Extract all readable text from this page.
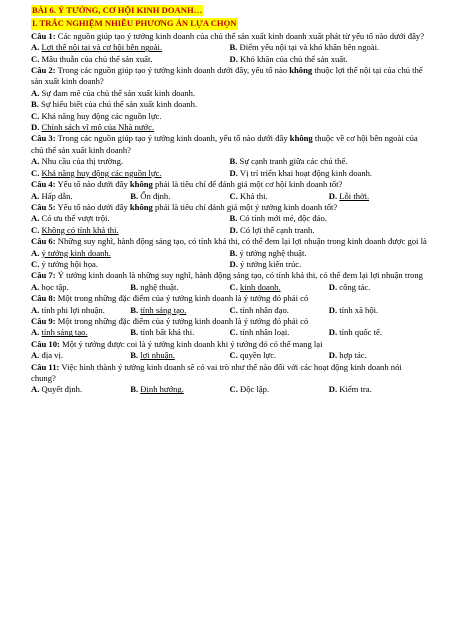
BÀI 6. Ý TƯỞNG, CƠ HỘI KINH DOANH…
I. TRẮC NGHIỆM NHIỀU PHƯƠNG ÁN LỰA CHỌN

Câu 1: Các nguồn giúp tạo ý tưởng kinh doanh của chủ thể sản xuất kinh doanh xuất phát từ yếu tố nào dưới đây?

A. Lợi thế nội tại và cơ hội bên ngoài.	B. Điểm yếu nội tại và khó khăn bên ngoài.
C. Mâu thuẫn của chủ thể sản xuất.	D. Khó khăn của chủ thể sản xuất.

Câu 2: Trong các nguồn giúp tạo ý tưởng kinh doanh dưới đây, yếu tố nào không thuộc lợi thế nội tại của chủ thể sản xuất kinh doanh?

A. Sự đam mê của chủ thể sản xuất kinh doanh.
B. Sự hiểu biết của chủ thể sản xuất kinh doanh.
C. Khả năng huy động các nguồn lực.
D. Chính sách vĩ mô của Nhà nước.

Câu 3: Trong các nguồn giúp tạo ý tưởng kinh doanh, yếu tố nào dưới đây không thuộc về cơ hội bên ngoài của chủ thể sản xuất kinh doanh?

A. Nhu cầu của thị trường.	B. Sự cạnh tranh giữa các chủ thể.
C. Khả năng huy động các nguồn lực.	D. Vị trí triển khai hoạt động kinh doanh.

Câu 4: Yếu tố nào dưới đây không phải là tiêu chí để đánh giá một cơ hội kinh doanh tốt?

A. Hấp dẫn.	B. Ổn định.	C. Khả thi.	D. Lỗi thời.

Câu 5: Yếu tố nào dưới đây không phải là tiêu chí đánh giá một ý tưởng kinh doanh tốt?

A. Có ưu thế vượt trội.	B. Có tính mới mẻ, độc đáo.
C. Không có tính khả thi.	D. Có lợi thế cạnh tranh.

Câu 6: Những suy nghĩ, hành động sáng tạo, có tính khả thi, có thể đem lại lợi nhuận trong kinh doanh được gọi là

A. ý tưởng kinh doanh.	B. ý tưởng nghệ thuật.
C. ý tưởng hội họa.	D. ý tưởng kiến trúc.

Câu 7: Ý tưởng kinh doanh là những suy nghĩ, hành động sáng tạo, có tính khả thi, có thể đem lại lợi nhuận trong

A. học tập.	B. nghệ thuật.	C. kinh doanh.	D. công tác.

Câu 8: Một trong những đặc điểm của ý tưởng kinh doanh là ý tưởng đó phải có

A. tính phi lợi nhuận.	B. tính sáng tạo.	C. tính nhân đạo.	D. tính xã hội.

Câu 9: Một trong những đặc điểm của ý tưởng kinh doanh là ý tưởng đó phải có

A. tính sáng tạo.	B. tính bất khả thi.	C. tính nhân loại.	D. tính quốc tế.

Câu 10: Một ý tưởng được coi là ý tưởng kinh doanh khi ý tưởng đó có thể mang lại

A. địa vị.	B. lợi nhuận.	C. quyền lực.	D. hợp tác.

Câu 11: Việc hình thành ý tưởng kinh doanh sẽ có vai trò như thế nào đối với các hoạt động kinh doanh nói chung?

A. Quyết định.	B. Định hướng.	C. Độc lập.	D. Kiểm tra.
